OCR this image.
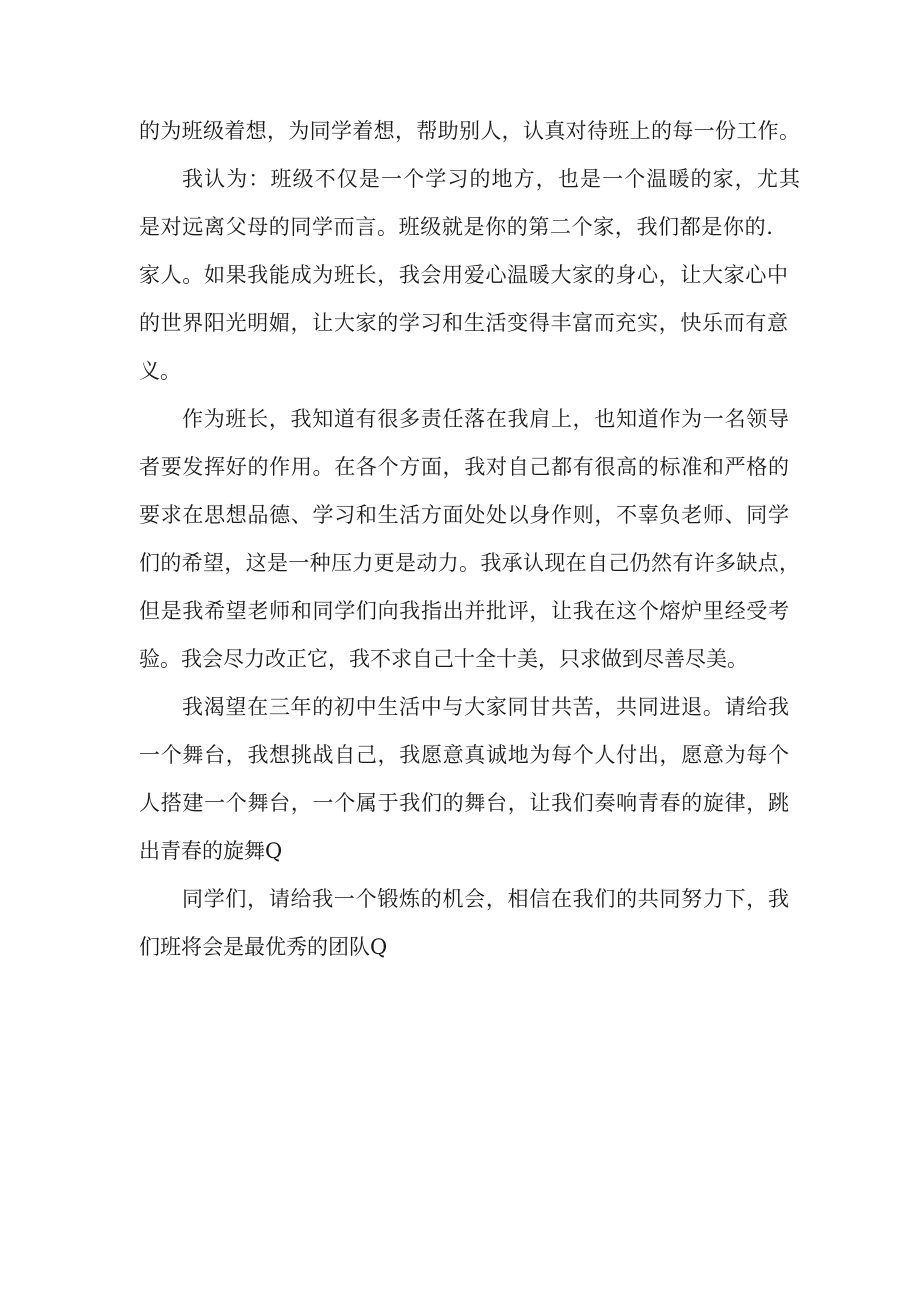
的为班级着想，为同学着想，帮助别人，认真对待班上的每一份工作。
我认为：班级不仅是一个学习的地方，也是一个温暖的家，尤其
是对远离父母的同学而言。班级就是你的第二个家，我们都是你的.
家人。如果我能成为班长，我会用爱心温暖大家的身心，让大家心中
的世界阳光明媚，让大家的学习和生活变得丰富而充实，快乐而有意
义。
作为班长，我知道有很多责任落在我肩上，也知道作为一名领导
者要发挥好的作用。在各个方面，我对自己都有很高的标准和严格的
要求在思想品德、学习和生活方面处处以身作则，不辜负老师、同学
们的希望，这是一种压力更是动力。我承认现在自己仍然有许多缺点，
但是我希望老师和同学们向我指出并批评，让我在这个熔炉里经受考
验。我会尽力改正它，我不求自己十全十美，只求做到尽善尽美。
我渴望在三年的初中生活中与大家同甘共苦，共同进退。请给我
一个舞台，我想挑战自己，我愿意真诚地为每个人付出，愿意为每个
人搭建一个舞台，一个属于我们的舞台，让我们奏响青春的旋律，跳
出青春的旋舞Q
同学们，请给我一个锻炼的机会，相信在我们的共同努力下，我
们班将会是最优秀的团队Q
